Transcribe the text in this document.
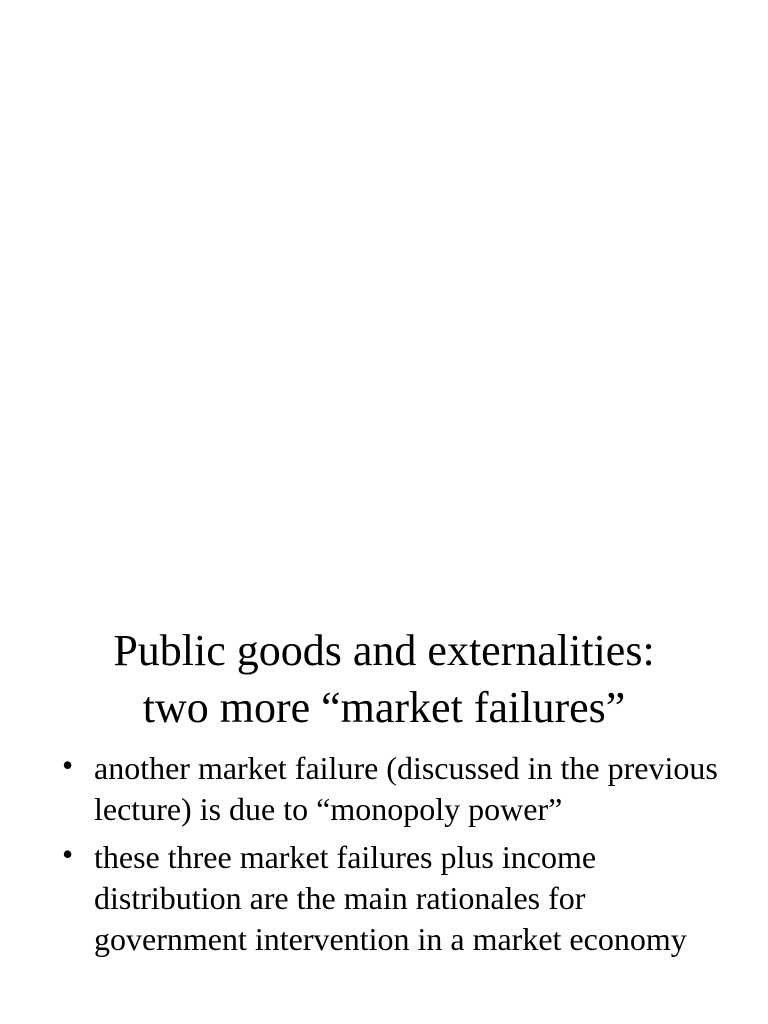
Public goods and externalities:
two more “market failures”
• another market failure (discussed in the previous lecture) is due to “monopoly power”
• these three market failures plus income distribution are the main rationales for government intervention in a market economy
